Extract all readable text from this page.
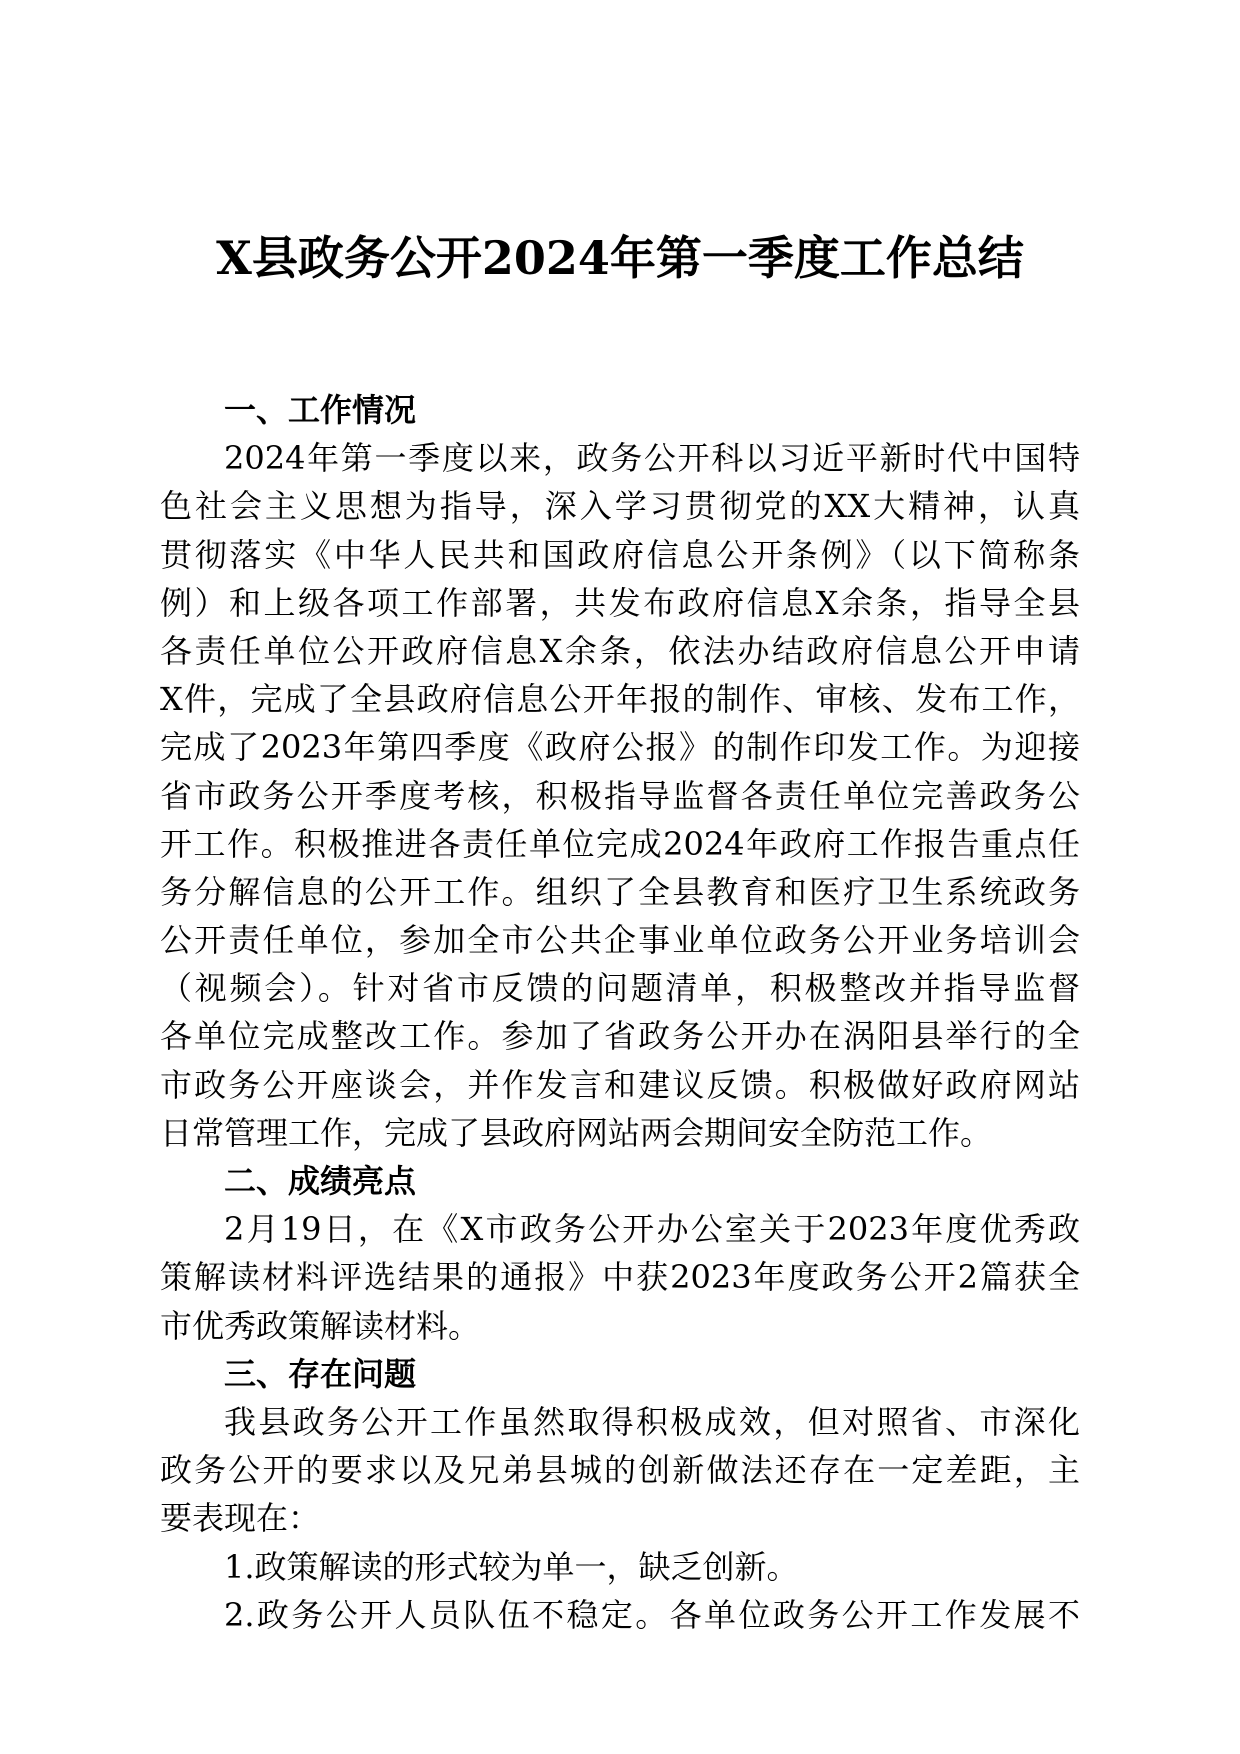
X县政务公开2024年第一季度工作总结
一、工作情况
2024年第一季度以来，政务公开科以习近平新时代中国特
色社会主义思想为指导，深入学习贯彻党的XX大精神，认真
贯彻落实《中华人民共和国政府信息公开条例》（以下简称条
例）和上级各项工作部署，共发布政府信息X余条，指导全县
各责任单位公开政府信息X余条，依法办结政府信息公开申请
X件，完成了全县政府信息公开年报的制作、审核、发布工作，
完成了2023年第四季度《政府公报》的制作印发工作。为迎接
省市政务公开季度考核，积极指导监督各责任单位完善政务公
开工作。积极推进各责任单位完成2024年政府工作报告重点任
务分解信息的公开工作。组织了全县教育和医疗卫生系统政务
公开责任单位，参加全市公共企事业单位政务公开业务培训会
（视频会）。针对省市反馈的问题清单，积极整改并指导监督
各单位完成整改工作。参加了省政务公开办在涡阳县举行的全
市政务公开座谈会，并作发言和建议反馈。积极做好政府网站
日常管理工作，完成了县政府网站两会期间安全防范工作。
二、成绩亮点
2月19日，在《X市政务公开办公室关于2023年度优秀政
策解读材料评选结果的通报》中获2023年度政务公开2篇获全
市优秀政策解读材料。
三、存在问题
我县政务公开工作虽然取得积极成效，但对照省、市深化
政务公开的要求以及兄弟县城的创新做法还存在一定差距，主
要表现在：
1.政策解读的形式较为单一，缺乏创新。
2.政务公开人员队伍不稳定。各单位政务公开工作发展不
